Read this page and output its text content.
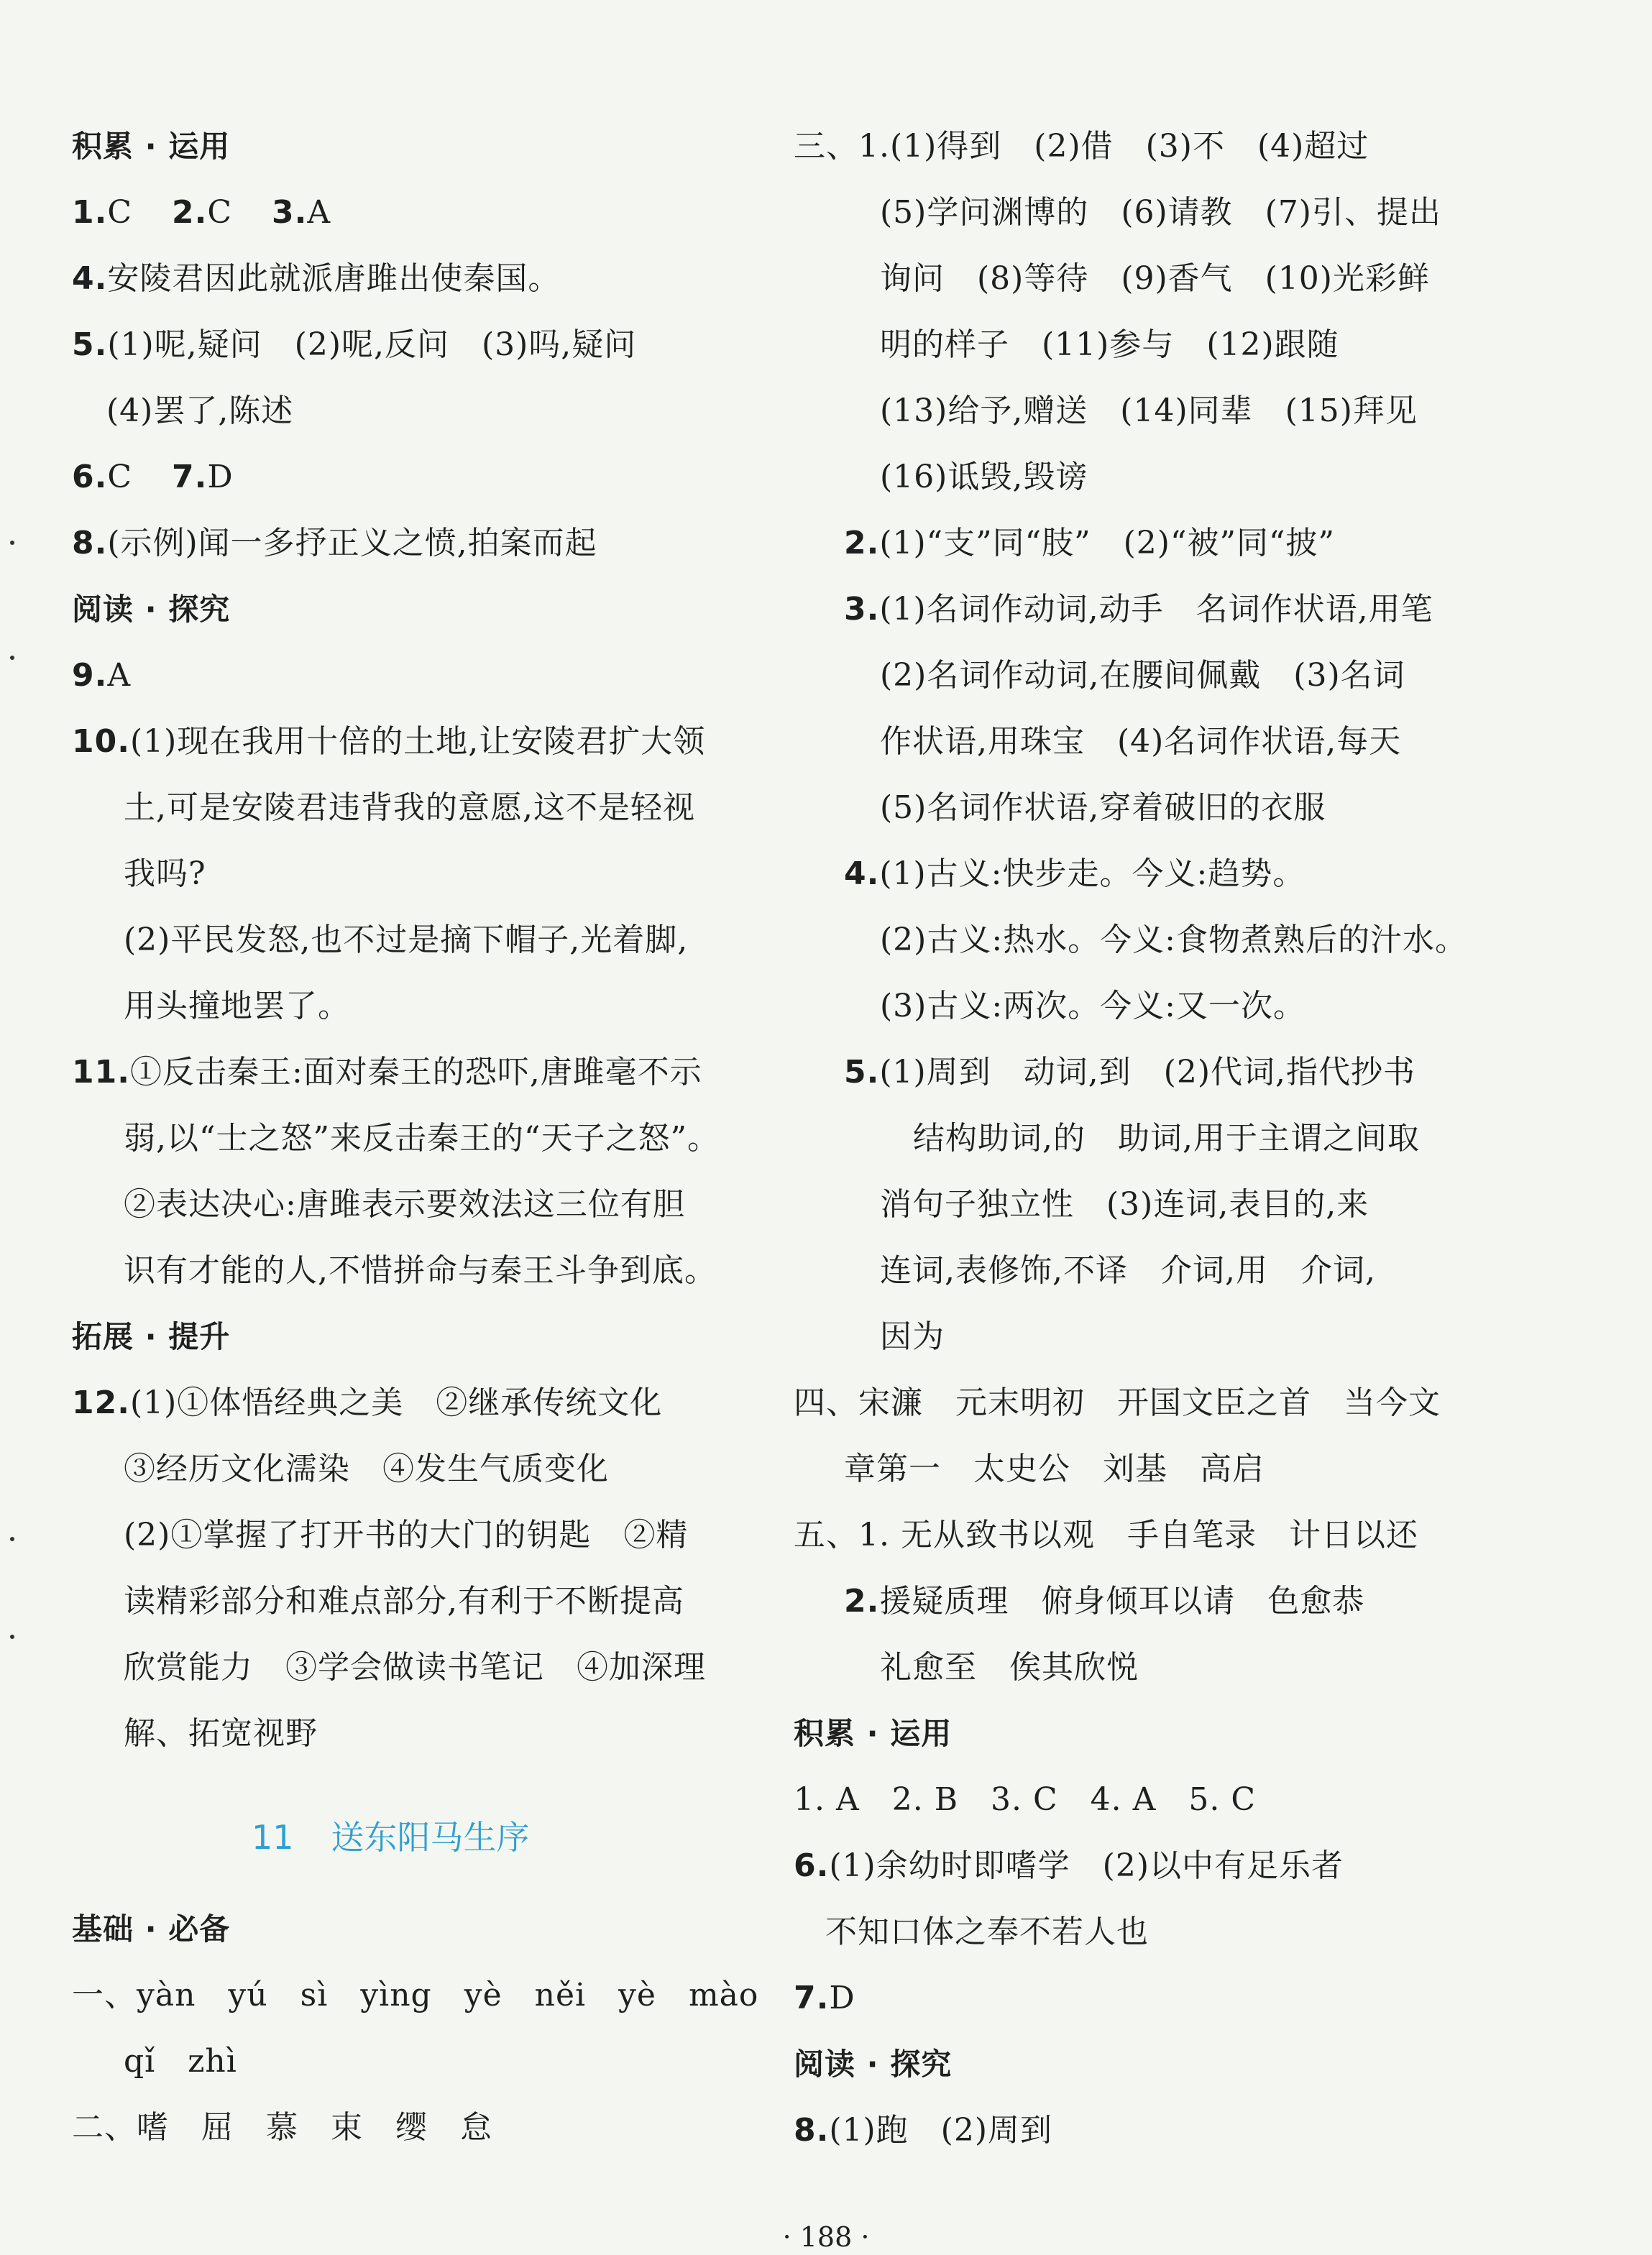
积累 · 运用
1.C 2.C 3.A
4.安陵君因此就派唐雎出使秦国。
5.(1)呢,疑问　(2)呢,反问　(3)吗,疑问
(4)罢了,陈述
6.C 7.D
8.(示例)闻一多抒正义之愤,拍案而起
阅读 · 探究
9.A
10.(1)现在我用十倍的土地,让安陵君扩大领
土,可是安陵君违背我的意愿,这不是轻视
我吗?
(2)平民发怒,也不过是摘下帽子,光着脚,
用头撞地罢了。
11.①反击秦王:面对秦王的恐吓,唐雎毫不示
弱,以“士之怒”来反击秦王的“天子之怒”。
②表达决心:唐雎表示要效法这三位有胆
识有才能的人,不惜拼命与秦王斗争到底。
拓展 · 提升
12.(1)①体悟经典之美　②继承传统文化
③经历文化濡染　④发生气质变化
(2)①掌握了打开书的大门的钥匙　②精
读精彩部分和难点部分,有利于不断提高
欣赏能力　③学会做读书笔记　④加深理
解、拓宽视野
11 送东阳马生序
基础 · 必备
一、yàn　yú　sì　yìng　yè　něi　yè　mào
qǐ　zhì
二、嗜　屈　慕　束　缨　怠
三、1.(1)得到　(2)借　(3)不　(4)超过
(5)学问渊博的　(6)请教　(7)引、提出
询问　(8)等待　(9)香气　(10)光彩鲜
明的样子　(11)参与　(12)跟随
(13)给予,赠送　(14)同辈　(15)拜见
(16)诋毁,毁谤
2.(1)“支”同“肢”　(2)“被”同“披”
3.(1)名词作动词,动手　名词作状语,用笔
(2)名词作动词,在腰间佩戴　(3)名词
作状语,用珠宝　(4)名词作状语,每天
(5)名词作状语,穿着破旧的衣服
4.(1)古义:快步走。今义:趋势。
(2)古义:热水。今义:食物煮熟后的汁水。
(3)古义:两次。今义:又一次。
5.(1)周到　动词,到　(2)代词,指代抄书
结构助词,的　助词,用于主谓之间取
消句子独立性　(3)连词,表目的,来
连词,表修饰,不译　介词,用　介词,
因为
四、宋濂　元末明初　开国文臣之首　当今文
章第一　太史公　刘基　高启
五、1. 无从致书以观　手自笔录　计日以还
2.援疑质理　俯身倾耳以请　色愈恭
礼愈至　俟其欣悦
积累 · 运用
1. A　2. B　3. C　4. A　5. C
6.(1)余幼时即嗜学　(2)以中有足乐者
不知口体之奉不若人也
7.D
阅读 · 探究
8.(1)跑　(2)周到
· 188 ·
